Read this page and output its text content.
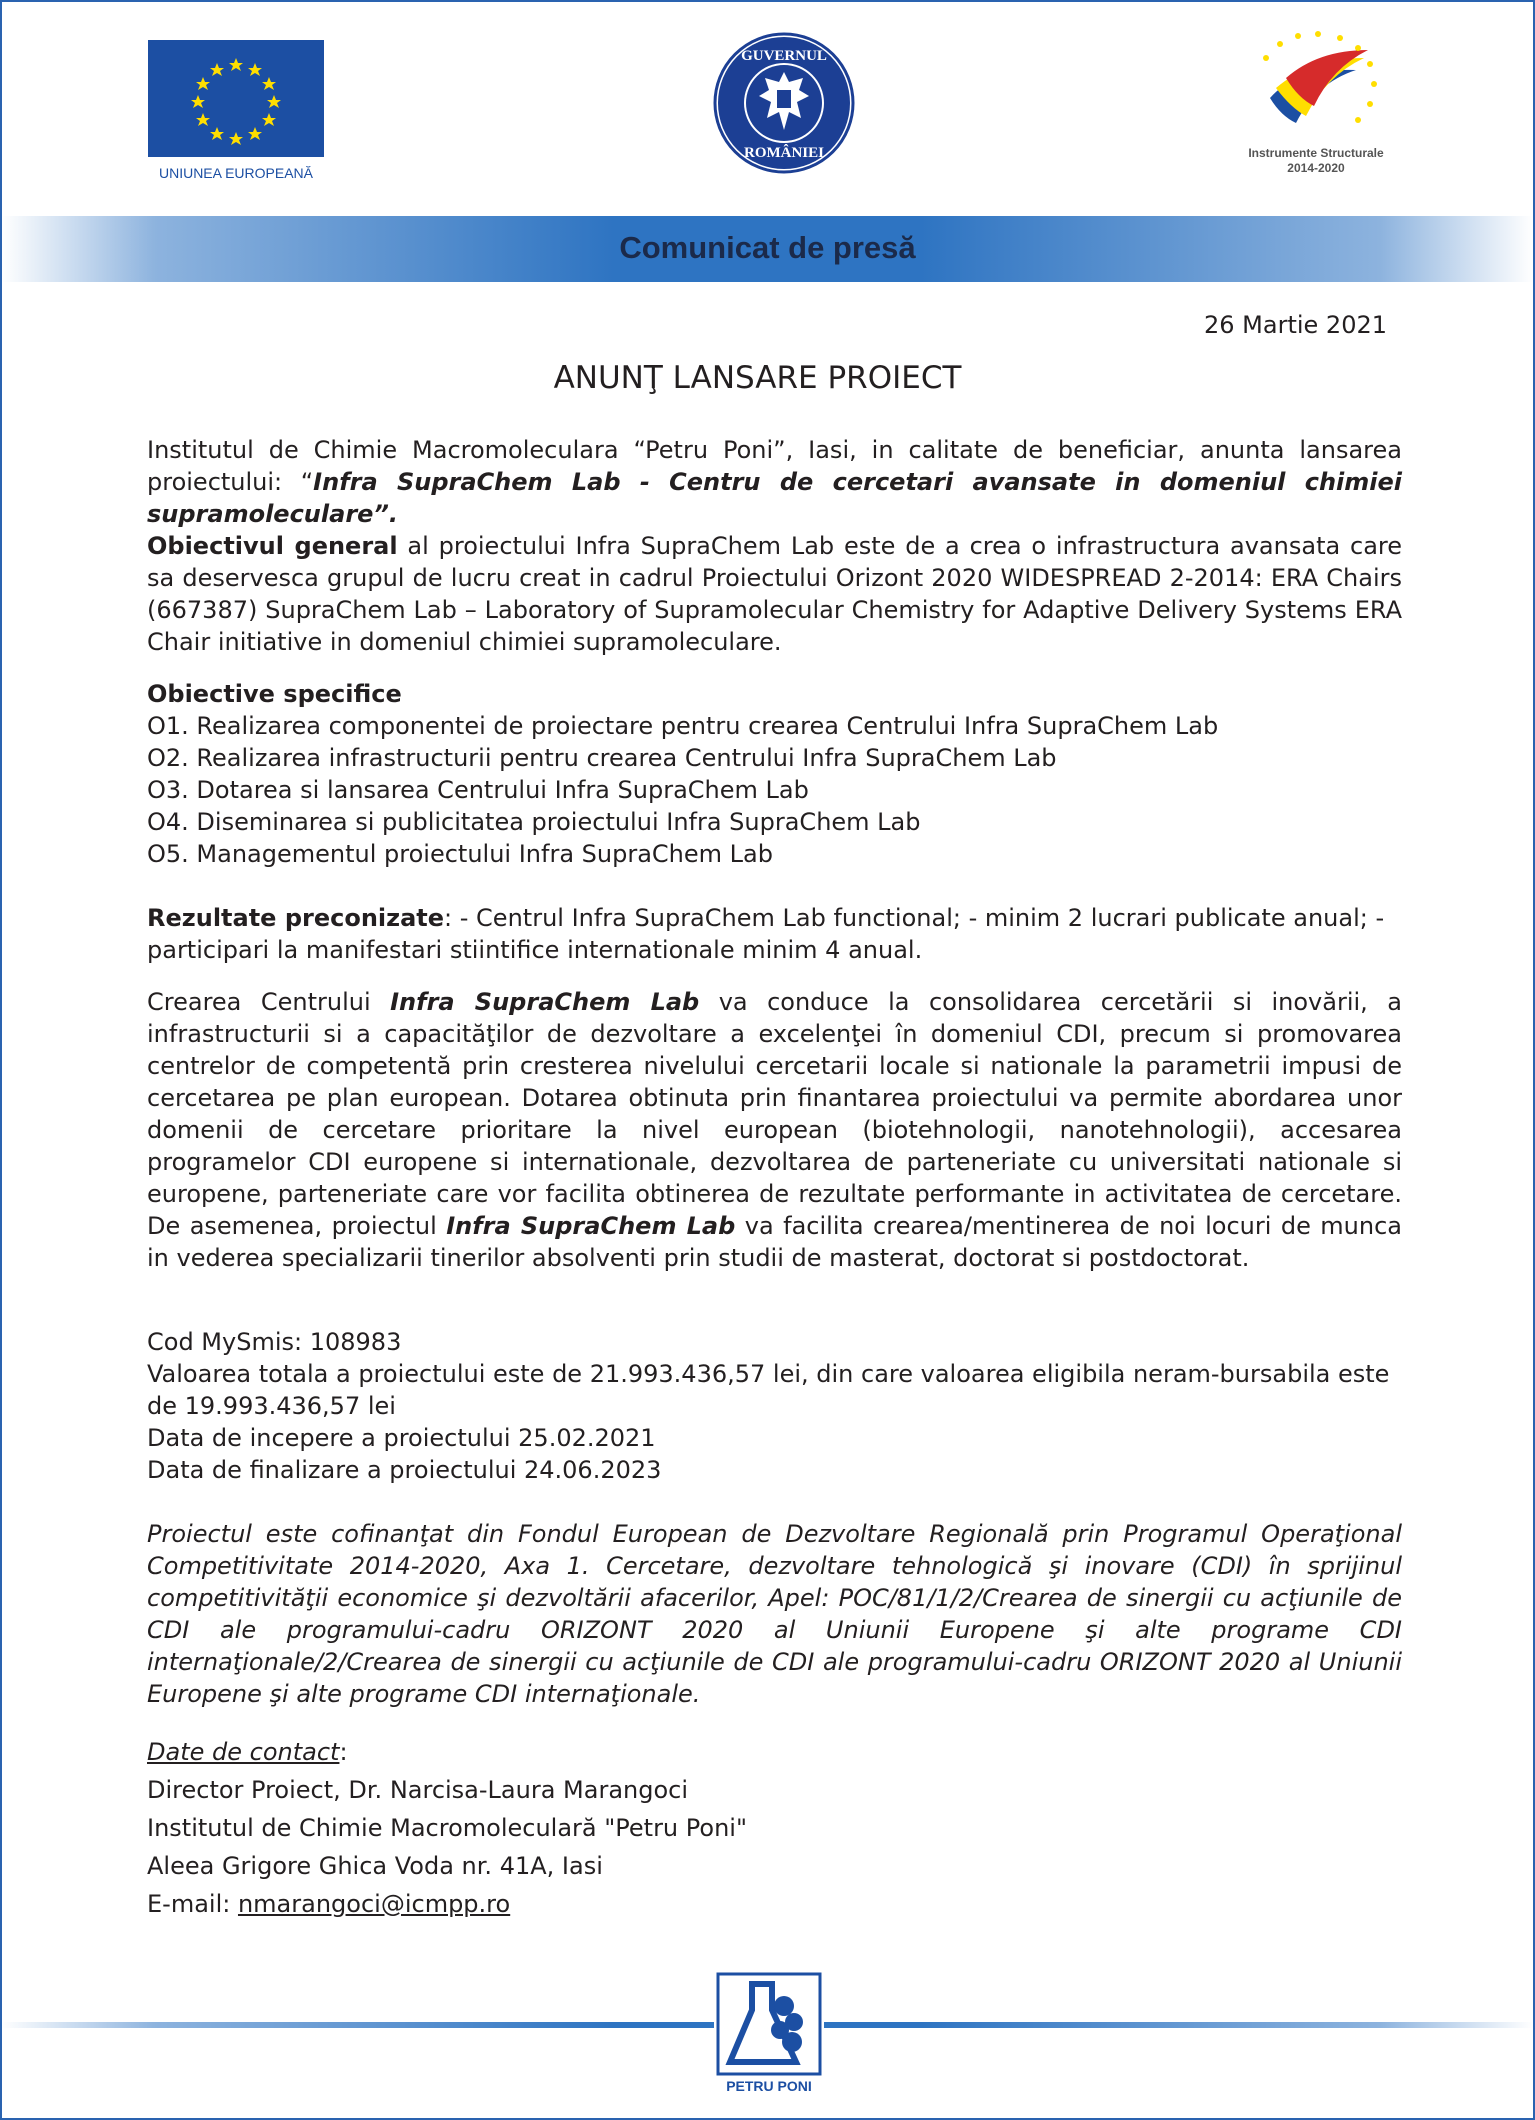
UNIUNEA EUROPEANĂ
GUVERNUL
ROMÂNIEI	Instrumente Structurale
2014-2020
Comunicat de presă
26 Martie 2021
ANUNŢ LANSARE PROIECT

Institutul de Chimie Macromoleculara “Petru Poni”, Iasi, in calitate de beneficiar, anunta lansarea proiectului: “Infra SupraChem Lab - Centru de cercetari avansate in domeniul chimiei supramoleculare”.

Obiectivul general al proiectului Infra SupraChem Lab este de a crea o infrastructura avansata care sa deservesca grupul de lucru creat in cadrul Proiectului Orizont 2020 WIDESPREAD 2-2014: ERA Chairs (667387) SupraChem Lab – Laboratory of Supramolecular Chemistry for Adaptive Delivery Systems ERA Chair initiative in domeniul chimiei supramoleculare.

Obiective specifice

O1. Realizarea componentei de proiectare pentru crearea Centrului Infra SupraChem Lab

O2. Realizarea infrastructurii pentru crearea Centrului Infra SupraChem Lab

O3. Dotarea si lansarea Centrului Infra SupraChem Lab

O4. Diseminarea si publicitatea proiectului Infra SupraChem Lab

O5. Managementul proiectului Infra SupraChem Lab

Rezultate preconizate: - Centrul Infra SupraChem Lab functional; - minim 2 lucrari publicate anual; - participari la manifestari stiintifice internationale minim 4 anual.

Crearea Centrului Infra SupraChem Lab va conduce la consolidarea cercetării si inovării, a infrastructurii si a capacităţilor de dezvoltare a excelenţei în domeniul CDI, precum si promovarea centrelor de competentă prin cresterea nivelului cercetarii locale si nationale la parametrii impusi de cercetarea pe plan european. Dotarea obtinuta prin finantarea proiectului va permite abordarea unor domenii de cercetare prioritare la nivel european (biotehnologii, nanotehnologii), accesarea programelor CDI europene si internationale, dezvoltarea de parteneriate cu universitati nationale si europene, parteneriate care vor facilita obtinerea de rezultate performante in activitatea de cercetare. De asemenea, proiectul Infra SupraChem Lab va facilita crearea/mentinerea de noi locuri de munca in vederea specializarii tinerilor absolventi prin studii de masterat, doctorat si postdoctorat.

Cod MySmis: 108983

Valoarea totala a proiectului este de 21.993.436,57 lei, din care valoarea eligibila neram-bursabila este de 19.993.436,57 lei

Data de incepere a proiectului 25.02.2021

Data de finalizare a proiectului 24.06.2023

Proiectul este cofinanţat din Fondul European de Dezvoltare Regională prin Programul Operaţional Competitivitate 2014-2020, Axa 1. Cercetare, dezvoltare tehnologică şi inovare (CDI) în sprijinul competitivităţii economice şi dezvoltării afacerilor, Apel: POC/81/1/2/Crearea de sinergii cu acţiunile de CDI ale programului-cadru ORIZONT 2020 al Uniunii Europene şi alte programe CDI internaţionale/2/Crearea de sinergii cu acţiunile de CDI ale programului-cadru ORIZONT 2020 al Uniunii Europene şi alte programe CDI internaţionale.

Date de contact:

Director Proiect, Dr. Narcisa-Laura Marangoci

Institutul de Chimie Macromoleculară "Petru Poni"

Aleea Grigore Ghica Voda nr. 41A, Iasi

E-mail: nmarangoci@icmpp.ro

PETRU PONI
